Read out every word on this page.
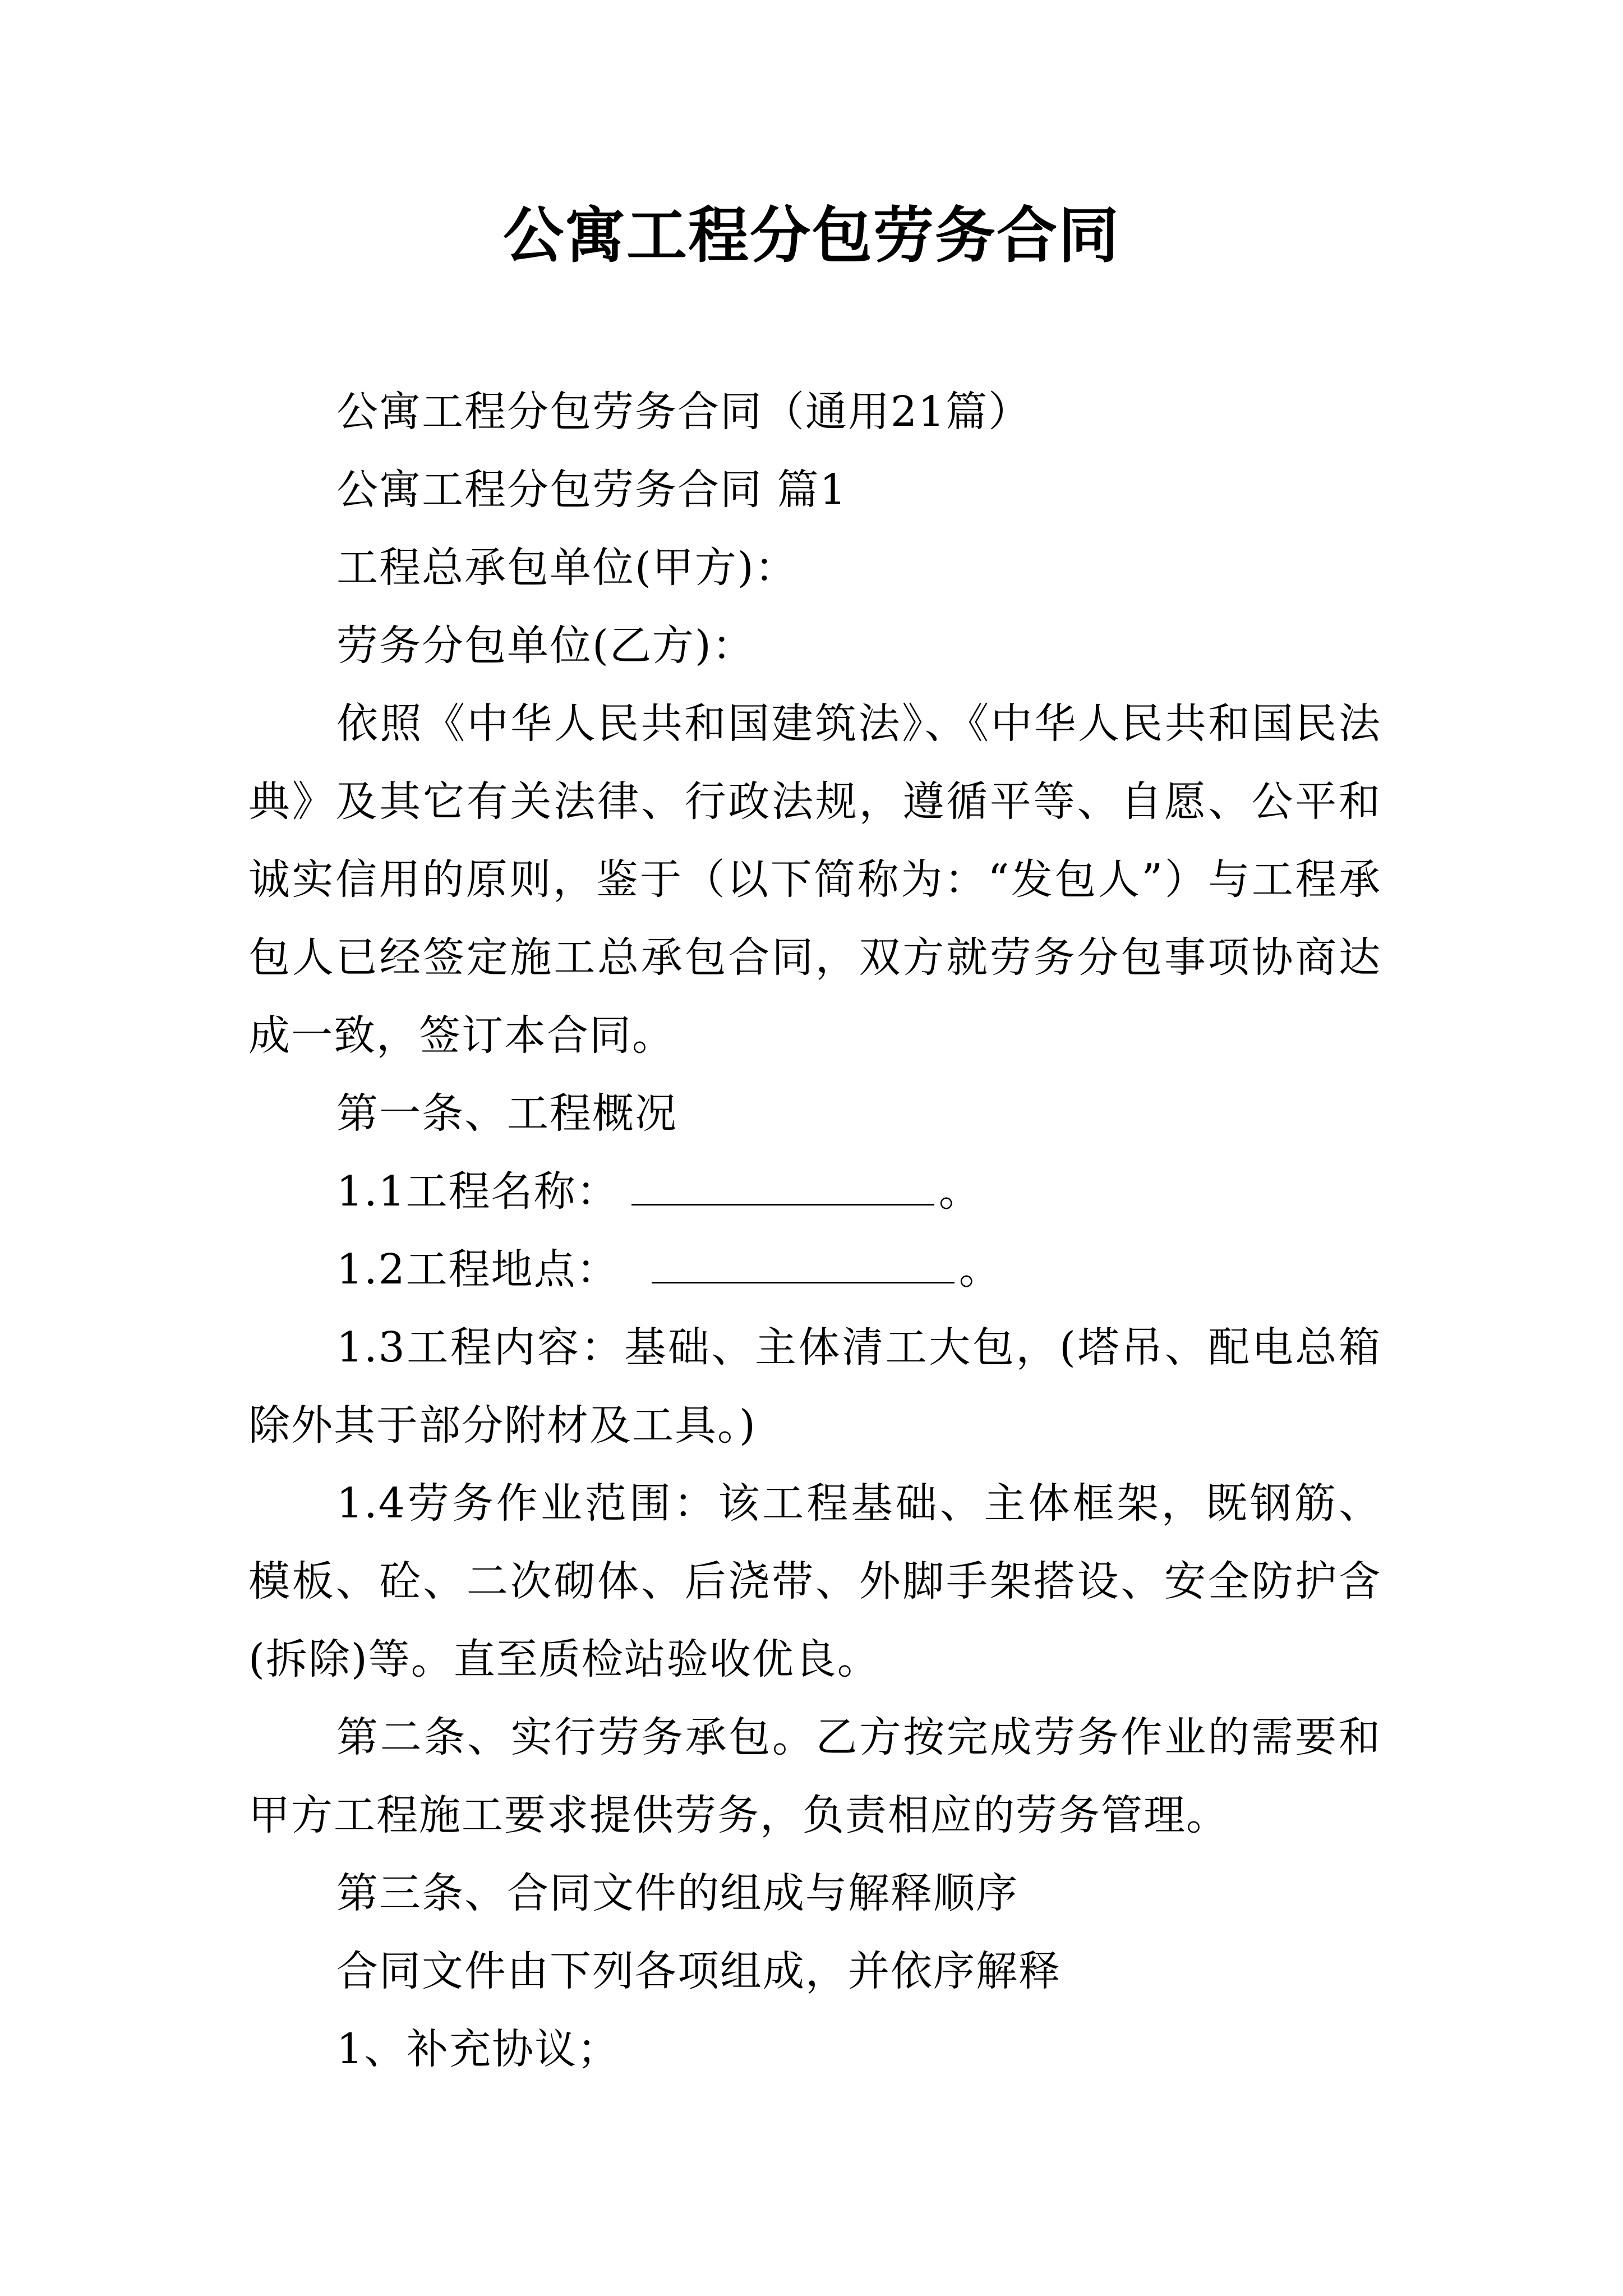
公寓工程分包劳务合同

公寓工程分包劳务合同（通用21篇）

公寓工程分包劳务合同 篇1

工程总承包单位(甲方)：

劳务分包单位(乙方)：

依照《中华人民共和国建筑法》、《中华人民共和国民法典》及其它有关法律、行政法规，遵循平等、自愿、公平和诚实信用的原则，鉴于（以下简称为：“发包人”）与工程承包人已经签定施工总承包合同，双方就劳务分包事项协商达成一致，签订本合同。

第一条、工程概况

1.1工程名称：	。

1.2工程地点：	。

1.3工程内容：基础、主体清工大包，(塔吊、配电总箱除外其于部分附材及工具。)

1.4劳务作业范围：该工程基础、主体框架，既钢筋、模板、砼、二次砌体、后浇带、外脚手架搭设、安全防护含(拆除)等。直至质检站验收优良。

第二条、实行劳务承包。乙方按完成劳务作业的需要和甲方工程施工要求提供劳务，负责相应的劳务管理。

第三条、合同文件的组成与解释顺序

合同文件由下列各项组成，并依序解释

1、补充协议；
